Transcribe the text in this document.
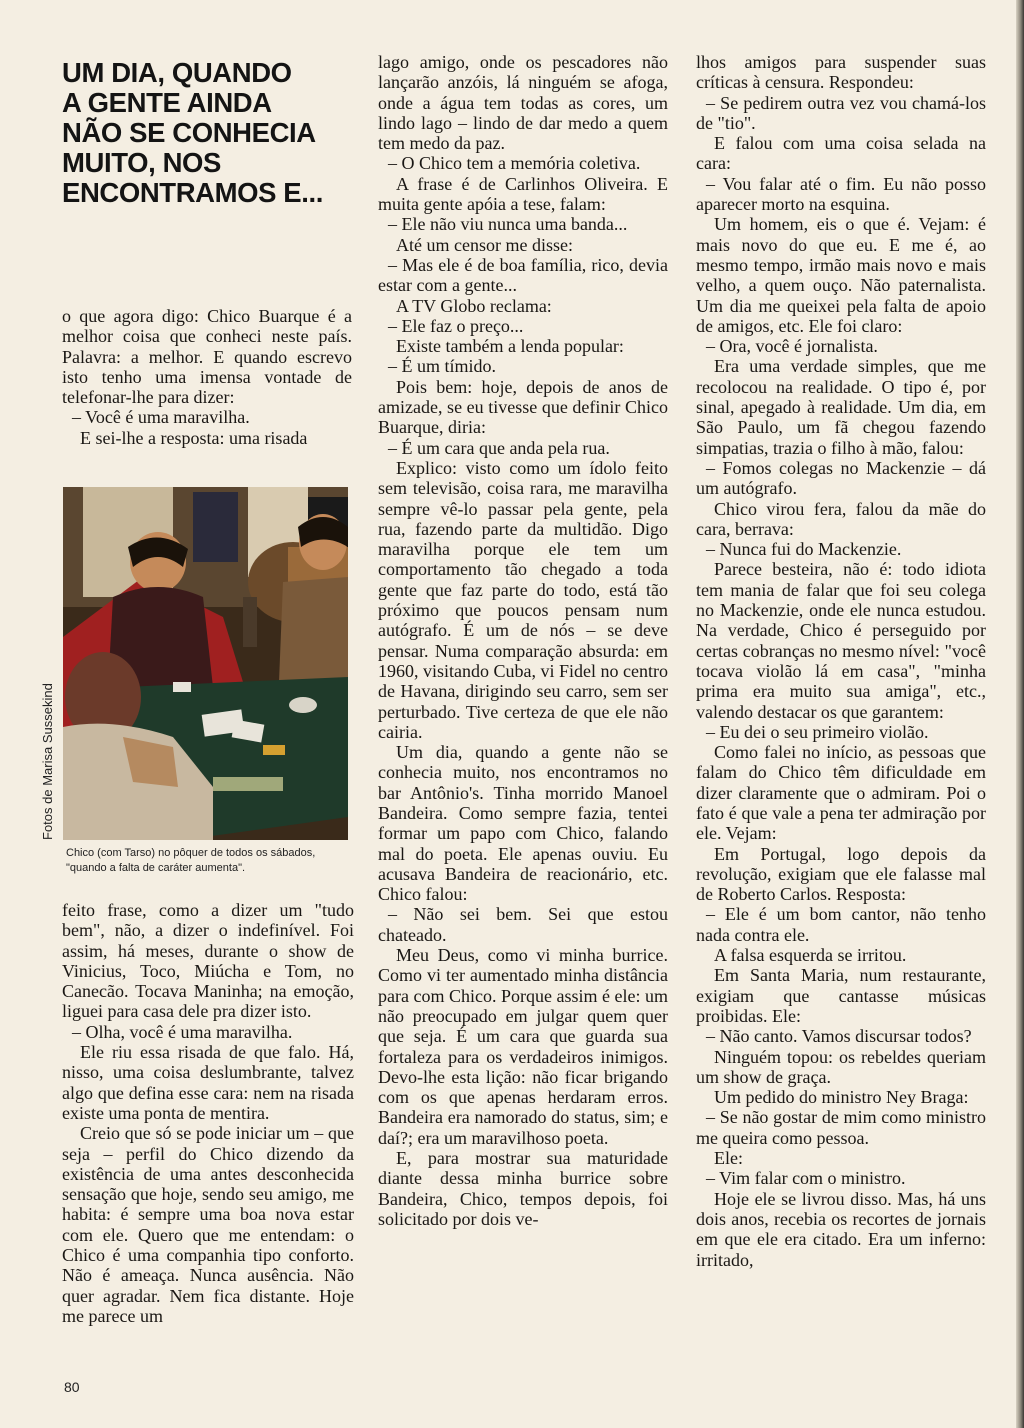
UM DIA, QUANDO
A GENTE AINDA
NÃO SE CONHECIA
MUITO, NOS
ENCONTRAMOS E...

o que agora digo: Chico Buarque é a melhor coisa que conheci neste país. Palavra: a melhor. E quando escrevo isto tenho uma imensa vontade de telefonar-lhe para dizer:

– Você é uma maravilha.

E sei-lhe a resposta: uma risada

Fotos de Marisa Sussekind
Chico (com Tarso) no pôquer de todos os sábados, "quando a falta de caráter aumenta".

feito frase, como a dizer um "tudo bem", não, a dizer o indefinível. Foi assim, há meses, durante o show de Vinicius, Toco, Miúcha e Tom, no Canecão. Tocava Maninha; na emoção, liguei para casa dele pra dizer isto.

– Olha, você é uma maravilha.

Ele riu essa risada de que falo. Há, nisso, uma coisa deslumbrante, talvez algo que defina esse cara: nem na risada existe uma ponta de mentira.

Creio que só se pode iniciar um – que seja – perfil do Chico dizendo da existência de uma antes desconhecida sensação que hoje, sendo seu amigo, me habita: é sempre uma boa nova estar com ele. Quero que me entendam: o Chico é uma companhia tipo conforto. Não é ameaça. Nunca ausência. Não quer agradar. Nem fica distante. Hoje me parece um

lago amigo, onde os pescadores não lançarão anzóis, lá ninguém se afoga, onde a água tem todas as cores, um lindo lago – lindo de dar medo a quem tem medo da paz.

– O Chico tem a memória coletiva.

A frase é de Carlinhos Oliveira. E muita gente apóia a tese, falam:

– Ele não viu nunca uma banda...

Até um censor me disse:

– Mas ele é de boa família, rico, devia estar com a gente...

A TV Globo reclama:

– Ele faz o preço...

Existe também a lenda popular:

– É um tímido.

Pois bem: hoje, depois de anos de amizade, se eu tivesse que definir Chico Buarque, diria:

– É um cara que anda pela rua.

Explico: visto como um ídolo feito sem televisão, coisa rara, me maravilha sempre vê-lo passar pela gente, pela rua, fazendo parte da multidão. Digo maravilha porque ele tem um comportamento tão chegado a toda gente que faz parte do todo, está tão próximo que poucos pensam num autógrafo. É um de nós – se deve pensar. Numa comparação absurda: em 1960, visitando Cuba, vi Fidel no centro de Havana, dirigindo seu carro, sem ser perturbado. Tive certeza de que ele não cairia.

Um dia, quando a gente não se conhecia muito, nos encontramos no bar Antônio's. Tinha morrido Manoel Bandeira. Como sempre fazia, tentei formar um papo com Chico, falando mal do poeta. Ele apenas ouviu. Eu acusava Bandeira de reacionário, etc. Chico falou:

– Não sei bem. Sei que estou chateado.

Meu Deus, como vi minha burrice. Como vi ter aumentado minha distância para com Chico. Porque assim é ele: um não preocupado em julgar quem quer que seja. É um cara que guarda sua fortaleza para os verdadeiros inimigos. Devo-lhe esta lição: não ficar brigando com os que apenas herdaram erros. Bandeira era namorado do status, sim; e daí?; era um maravilhoso poeta.

E, para mostrar sua maturidade diante dessa minha burrice sobre Bandeira, Chico, tempos depois, foi solicitado por dois ve-

lhos amigos para suspender suas críticas à censura. Respondeu:

– Se pedirem outra vez vou chamá-los de "tio".

E falou com uma coisa selada na cara:

– Vou falar até o fim. Eu não posso aparecer morto na esquina.

Um homem, eis o que é. Vejam: é mais novo do que eu. E me é, ao mesmo tempo, irmão mais novo e mais velho, a quem ouço. Não paternalista. Um dia me queixei pela falta de apoio de amigos, etc. Ele foi claro:

– Ora, você é jornalista.

Era uma verdade simples, que me recolocou na realidade. O tipo é, por sinal, apegado à realidade. Um dia, em São Paulo, um fã chegou fazendo simpatias, trazia o filho à mão, falou:

– Fomos colegas no Mackenzie – dá um autógrafo.

Chico virou fera, falou da mãe do cara, berrava:

– Nunca fui do Mackenzie.

Parece besteira, não é: todo idiota tem mania de falar que foi seu colega no Mackenzie, onde ele nunca estudou. Na verdade, Chico é perseguido por certas cobranças no mesmo nível: "você tocava violão lá em casa", "minha prima era muito sua amiga", etc., valendo destacar os que garantem:

– Eu dei o seu primeiro violão.

Como falei no início, as pessoas que falam do Chico têm dificuldade em dizer claramente que o admiram. Poi o fato é que vale a pena ter admiração por ele. Vejam:

Em Portugal, logo depois da revolução, exigiam que ele falasse mal de Roberto Carlos. Resposta:

– Ele é um bom cantor, não tenho nada contra ele.

A falsa esquerda se irritou.

Em Santa Maria, num restaurante, exigiam que cantasse músicas proibidas. Ele:

– Não canto. Vamos discursar todos?

Ninguém topou: os rebeldes queriam um show de graça.

Um pedido do ministro Ney Braga:

– Se não gostar de mim como ministro me queira como pessoa.

Ele:

– Vim falar com o ministro.

Hoje ele se livrou disso. Mas, há uns dois anos, recebia os recortes de jornais em que ele era citado. Era um inferno: irritado,

80
